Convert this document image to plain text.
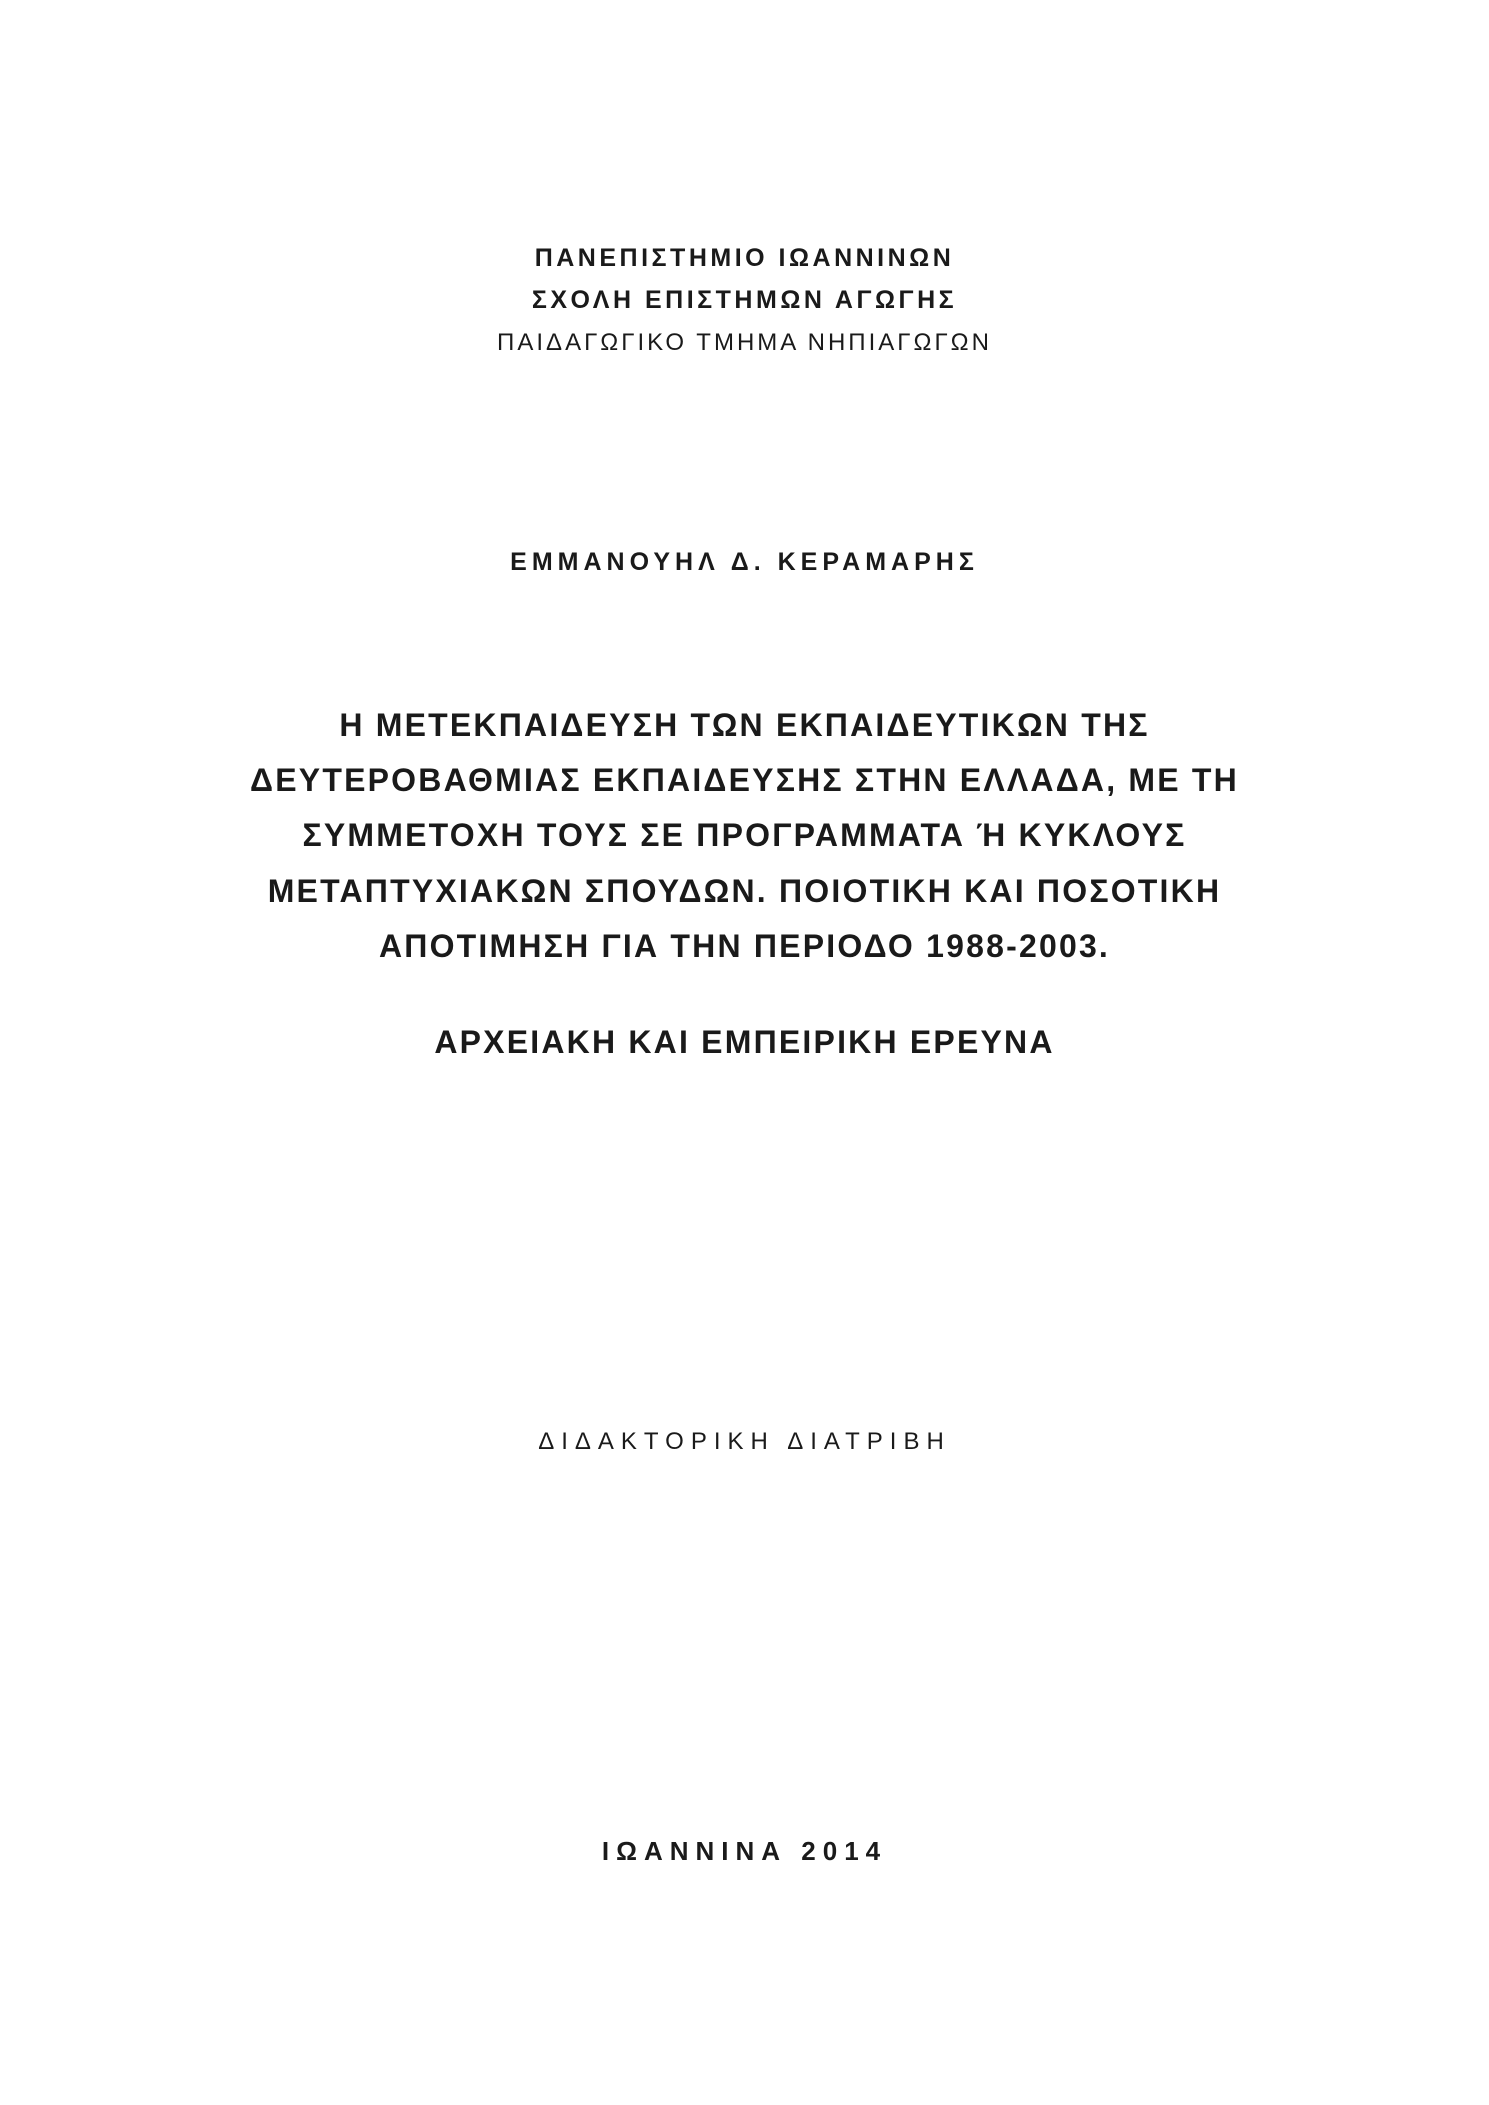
ΠΑΝΕΠΙΣΤΗΜΙΟ ΙΩΑΝΝΙΝΩΝ
ΣΧΟΛΗ ΕΠΙΣΤΗΜΩΝ ΑΓΩΓΗΣ
ΠΑΙΔΑΓΩΓΙΚΟ ΤΜΗΜΑ ΝΗΠΙΑΓΩΓΩΝ
ΕΜΜΑΝΟΥΗΛ Δ. ΚΕΡΑΜΑΡΗΣ
Η ΜΕΤΕΚΠΑΙΔΕΥΣΗ ΤΩΝ ΕΚΠΑΙΔΕΥΤΙΚΩΝ ΤΗΣ
ΔΕΥΤΕΡΟΒΑΘΜΙΑΣ ΕΚΠΑΙΔΕΥΣΗΣ ΣΤΗΝ ΕΛΛΑΔΑ, ΜΕ ΤΗ
ΣΥΜΜΕΤΟΧΗ ΤΟΥΣ ΣΕ ΠΡΟΓΡΑΜΜΑΤΑ Ή ΚΥΚΛΟΥΣ
ΜΕΤΑΠΤΥΧΙΑΚΩΝ ΣΠΟΥΔΩΝ. ΠΟΙΟΤΙΚΗ ΚΑΙ ΠΟΣΟΤΙΚΗ
ΑΠΟΤΙΜΗΣΗ ΓΙΑ ΤΗΝ ΠΕΡΙΟΔΟ 1988-2003.
ΑΡΧΕΙΑΚΗ ΚΑΙ ΕΜΠΕΙΡΙΚΗ ΕΡΕΥΝΑ
ΔΙΔΑΚΤΟΡΙΚΗ ΔΙΑΤΡΙΒΗ
ΙΩΑΝΝΙΝΑ 2014
